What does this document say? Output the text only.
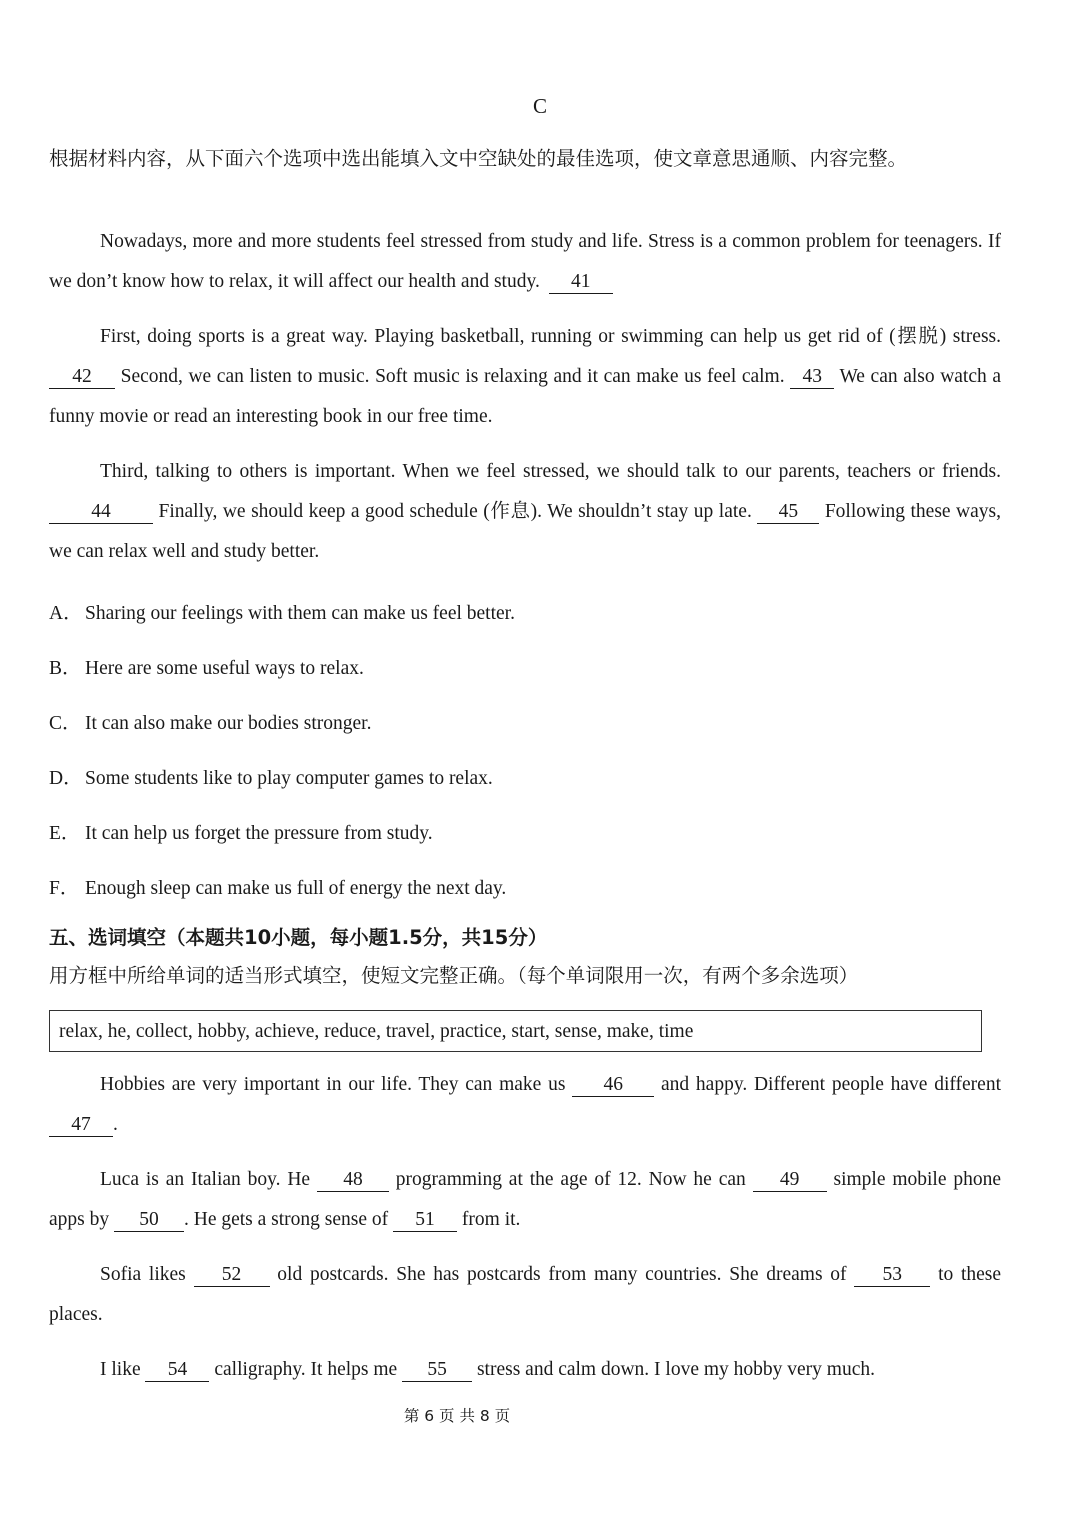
C
根据材料内容，从下面六个选项中选出能填入文中空缺处的最佳选项，使文章意思通顺、内容完整。
Nowadays, more and more students feel stressed from study and life. Stress is a common problem for teenagers. If we don’t know how to relax, it will affect our health and study. 41
First, doing sports is a great way. Playing basketball, running or swimming can help us get rid of (摆脱) stress. 42 Second, we can listen to music. Soft music is relaxing and it can make us feel calm. 43 We can also watch a funny movie or read an interesting book in our free time.
Third, talking to others is important. When we feel stressed, we should talk to our parents, teachers or friends. 44 Finally, we should keep a good schedule (作息). We shouldn’t stay up late. 45 Following these ways, we can relax well and study better.
A． Sharing our feelings with them can make us feel better.
B． Here are some useful ways to relax.
C． It can also make our bodies stronger.
D． Some students like to play computer games to relax.
E． It can help us forget the pressure from study.
F． Enough sleep can make us full of energy the next day.
五、选词填空（本题共10小题，每小题1.5分，共15分）
用方框中所给单词的适当形式填空，使短文完整正确。（每个单词限用一次，有两个多余选项）
relax, he, collect, hobby, achieve, reduce, travel, practice, start, sense, make, time
Hobbies are very important in our life. They can make us 46 and happy. Different people have different 47 .
Luca is an Italian boy. He 48 programming at the age of 12. Now he can 49 simple mobile phone apps by 50 . He gets a strong sense of 51 from it.
Sofia likes 52 old postcards. She has postcards from many countries. She dreams of 53 to these places.
I like 54 calligraphy. It helps me 55 stress and calm down. I love my hobby very much.
第 6 页 共 8 页
